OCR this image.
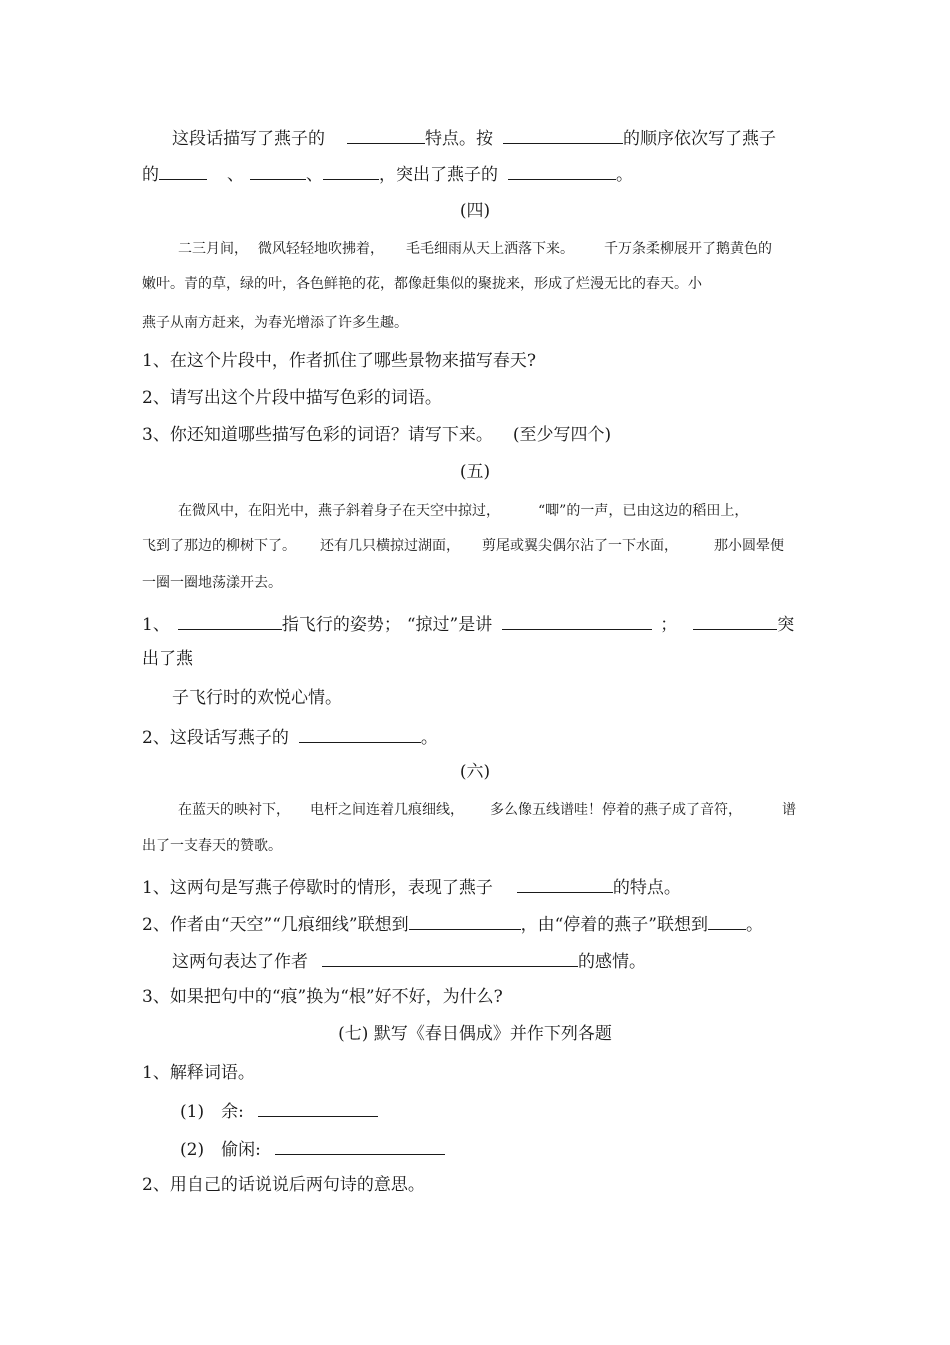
这段话描写了燕子的	特点。按	的顺序依次写了燕子
的	、	、	，突出了燕子的	。
(四)
二三月间， 微风轻轻地吹拂着， 毛毛细雨从天上洒落下来。 千万条柔柳展开了鹅黄色的
嫩叶。青的草，绿的叶，各色鲜艳的花，都像赶集似的聚拢来，形成了烂漫无比的春天。小
燕子从南方赶来，为春光增添了许多生趣。
1、在这个片段中，作者抓住了哪些景物来描写春天?
2、请写出这个片段中描写色彩的词语。
3、你还知道哪些描写色彩的词语？请写下来。 (至少写四个)
(五)
在微风中，在阳光中，燕子斜着身子在天空中掠过，	“唧”的一声，已由这边的稻田上，
飞到了那边的柳树下了。 还有几只横掠过湖面， 剪尾或翼尖偶尔沾了一下水面，	那小圆晕便
一圈一圈地荡漾开去。
1、	指飞行的姿势； “掠过”是讲	；	突
出了燕
子飞行时的欢悦心情。
2、这段话写燕子的	。
(六)
在蓝天的映衬下， 电杆之间连着几痕细线， 多么像五线谱哇！停着的燕子成了音符，	谱
出了一支春天的赞歌。
1、这两句是写燕子停歇时的情形，表现了燕子	的特点。
2、作者由“天空”“几痕细线”联想到	，由“停着的燕子”联想到 。
这两句表达了作者	的感情。
3、如果把句中的“痕”换为“根”好不好，为什么?
(七) 默写《春日偶成》并作下列各题
1、解释词语。
(1)　余:
(2)　偷闲:
2、用自己的话说说后两句诗的意思。
